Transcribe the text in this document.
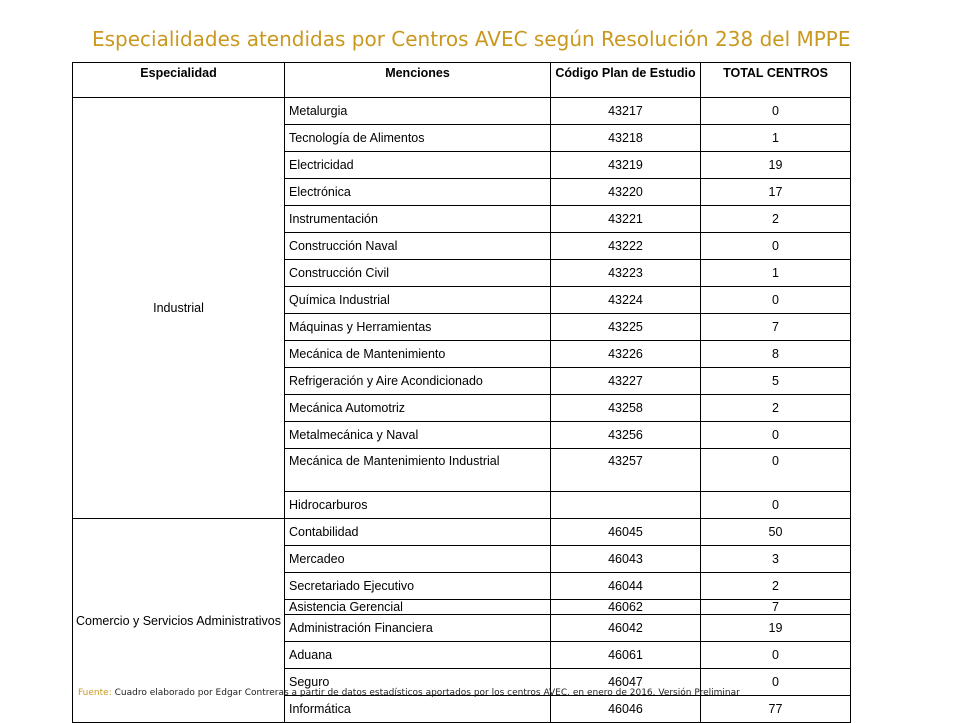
Especialidades atendidas por Centros AVEC según Resolución 238 del MPPE
Especialidad	Menciones	Código Plan de Estudio	TOTAL CENTROS
Industrial	Metalurgia	43217	0
	Tecnología de Alimentos	43218	1
	Electricidad	43219	19
	Electrónica	43220	17
	Instrumentación	43221	2
	Construcción Naval	43222	0
	Construcción Civil	43223	1
	Química Industrial	43224	0
	Máquinas y Herramientas	43225	7
	Mecánica de Mantenimiento	43226	8
	Refrigeración y Aire Acondicionado	43227	5
	Mecánica Automotriz	43258	2
	Metalmecánica y Naval	43256	0
	Mecánica de Mantenimiento Industrial	43257	0
	Hidrocarburos		0
Comercio y Servicios Administrativos	Contabilidad	46045	50
	Mercadeo	46043	3
	Secretariado Ejecutivo	46044	2
	Asistencia Gerencial	46062	7
	Administración Financiera	46042	19
	Aduana	46061	0
	Seguro	46047	0
	Informática	46046	77
Fuente: Cuadro elaborado por Edgar Contreras a partir de datos estadísticos aportados por los centros AVEC, en enero de 2016. Versión Preliminar
